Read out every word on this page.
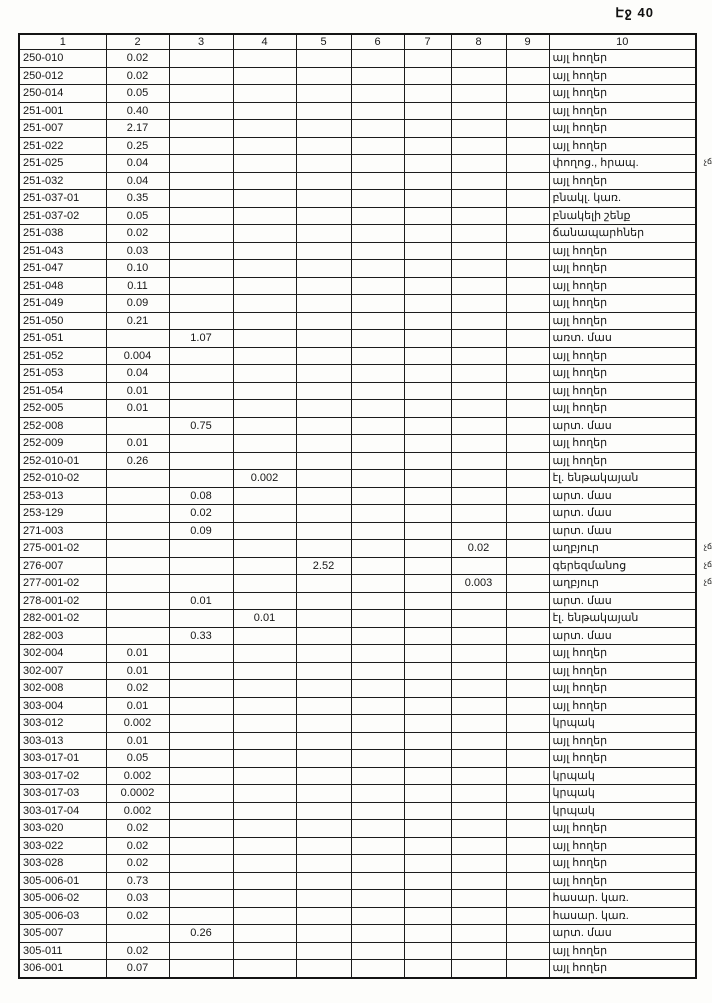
Էջ 40
1	2	3	4	5	6	7	8	9	10
250-010	0.02								այլ հողեր
250-012	0.02								այլ հողեր
250-014	0.05								այլ հողեր
251-001	0.40								այլ հողեր
251-007	2.17								այլ հողեր
251-022	0.25								այլ հողեր
251-025	0.04								փողոց., հրապ. չճ

251-032	0.04								այլ հողեր
251-037-01	0.35								բնակլ. կառ.
251-037-02	0.05								բնակելի շենք
251-038	0.02								ճանապարհներ
251-043	0.03								այլ հողեր
251-047	0.10								այլ հողեր
251-048	0.11								այլ հողեր
251-049	0.09								այլ հողեր
251-050	0.21								այլ հողեր
251-051		1.07							առտ. մաս
251-052	0.004								այլ հողեր
251-053	0.04								այլ հողեր
251-054	0.01								այլ հողեր
252-005	0.01								այլ հողեր
252-008		0.75							արտ. մաս
252-009	0.01								այլ հողեր
252-010-01	0.26								այլ հողեր
252-010-02			0.002						էլ. ենթակայան
253-013		0.08							արտ. մաս
253-129		0.02							արտ. մաս
271-003		0.09							արտ. մաս
275-001-02							0.02		աղբյուր չճ

276-007				2.52					գերեզմանոց չճ

277-001-02							0.003		աղբյուր չճ

278-001-02		0.01							արտ. մաս
282-001-02			0.01						էլ. ենթակայան
282-003		0.33							արտ. մաս
302-004	0.01								այլ հողեր
302-007	0.01								այլ հողեր
302-008	0.02								այլ հողեր
303-004	0.01								այլ հողեր
303-012	0.002								կրպակ
303-013	0.01								այլ հողեր
303-017-01	0.05								այլ հողեր
303-017-02	0.002								կրպակ
303-017-03	0.0002								կրպակ
303-017-04	0.002								կրպակ
303-020	0.02								այլ հողեր
303-022	0.02								այլ հողեր
303-028	0.02								այլ հողեր
305-006-01	0.73								այլ հողեր
305-006-02	0.03								հասար. կառ.
305-006-03	0.02								հասար. կառ.
305-007		0.26							արտ. մաս
305-011	0.02								այլ հողեր
306-001	0.07								այլ հողեր
